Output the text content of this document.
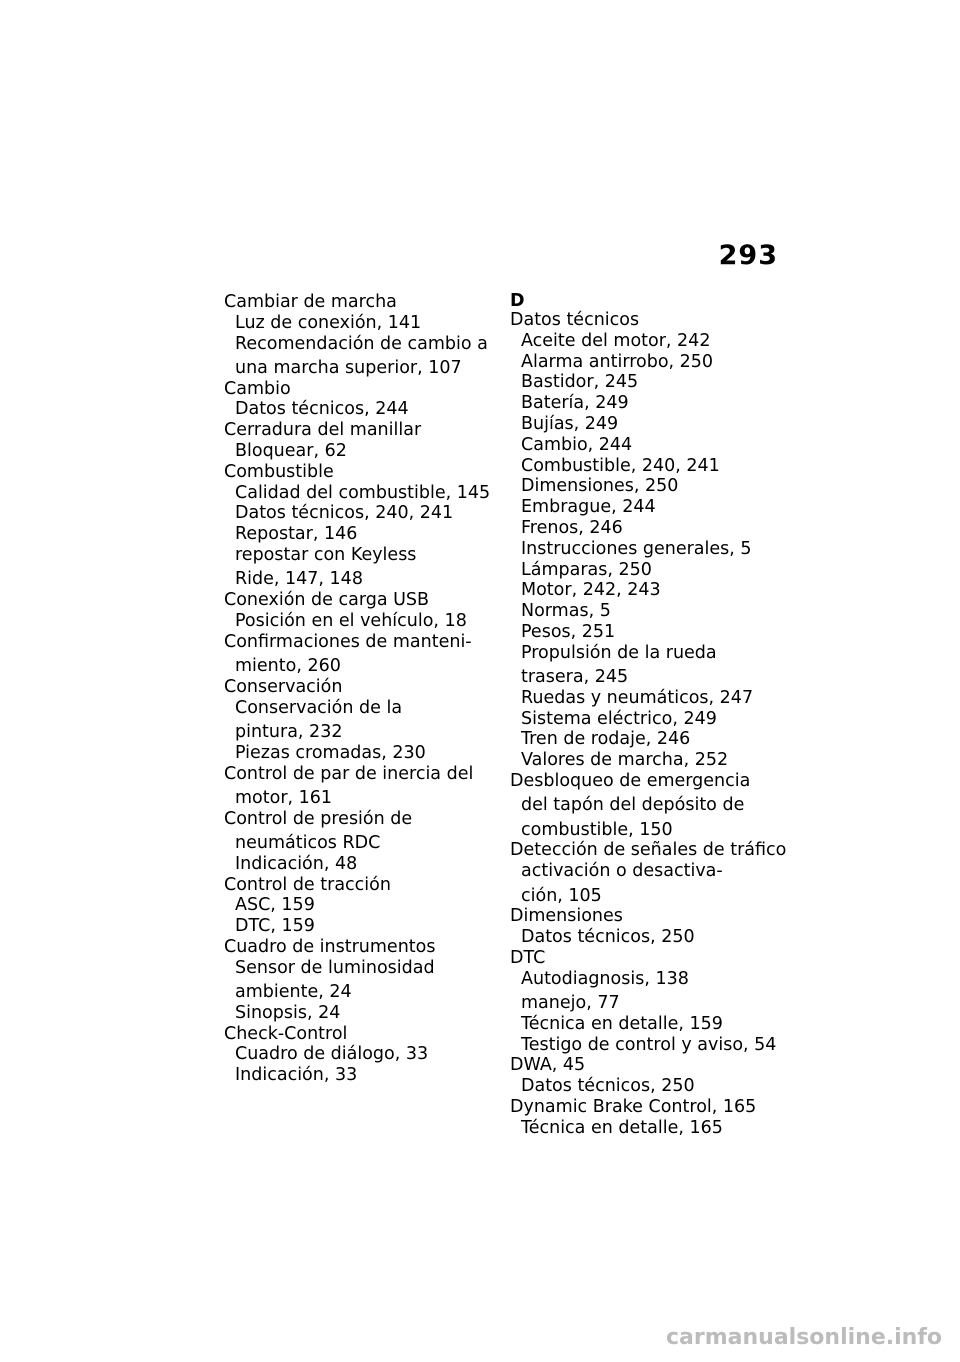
293
Cambiar de marcha
Luz de conexión, 141
Recomendación de cambio a
una marcha superior, 107
Cambio
Datos técnicos, 244
Cerradura del manillar
Bloquear, 62
Combustible
Calidad del combustible, 145
Datos técnicos, 240, 241
Repostar, 146
repostar con Keyless
Ride, 147, 148
Conexión de carga USB
Posición en el vehículo, 18
Confirmaciones de manteni-
miento, 260
Conservación
Conservación de la
pintura, 232
Piezas cromadas, 230
Control de par de inercia del
motor, 161
Control de presión de
neumáticos RDC
Indicación, 48
Control de tracción
ASC, 159
DTC, 159
Cuadro de instrumentos
Sensor de luminosidad
ambiente, 24
Sinopsis, 24
Check-Control
Cuadro de diálogo, 33
Indicación, 33
D
Datos técnicos
Aceite del motor, 242
Alarma antirrobo, 250
Bastidor, 245
Batería, 249
Bujías, 249
Cambio, 244
Combustible, 240, 241
Dimensiones, 250
Embrague, 244
Frenos, 246
Instrucciones generales, 5
Lámparas, 250
Motor, 242, 243
Normas, 5
Pesos, 251
Propulsión de la rueda
trasera, 245
Ruedas y neumáticos, 247
Sistema eléctrico, 249
Tren de rodaje, 246
Valores de marcha, 252
Desbloqueo de emergencia
del tapón del depósito de
combustible, 150
Detección de señales de tráfico
activación o desactiva-
ción, 105
Dimensiones
Datos técnicos, 250
DTC
Autodiagnosis, 138
manejo, 77
Técnica en detalle, 159
Testigo de control y aviso, 54
DWA, 45
Datos técnicos, 250
Dynamic Brake Control, 165
Técnica en detalle, 165
carmanualsonline.info
